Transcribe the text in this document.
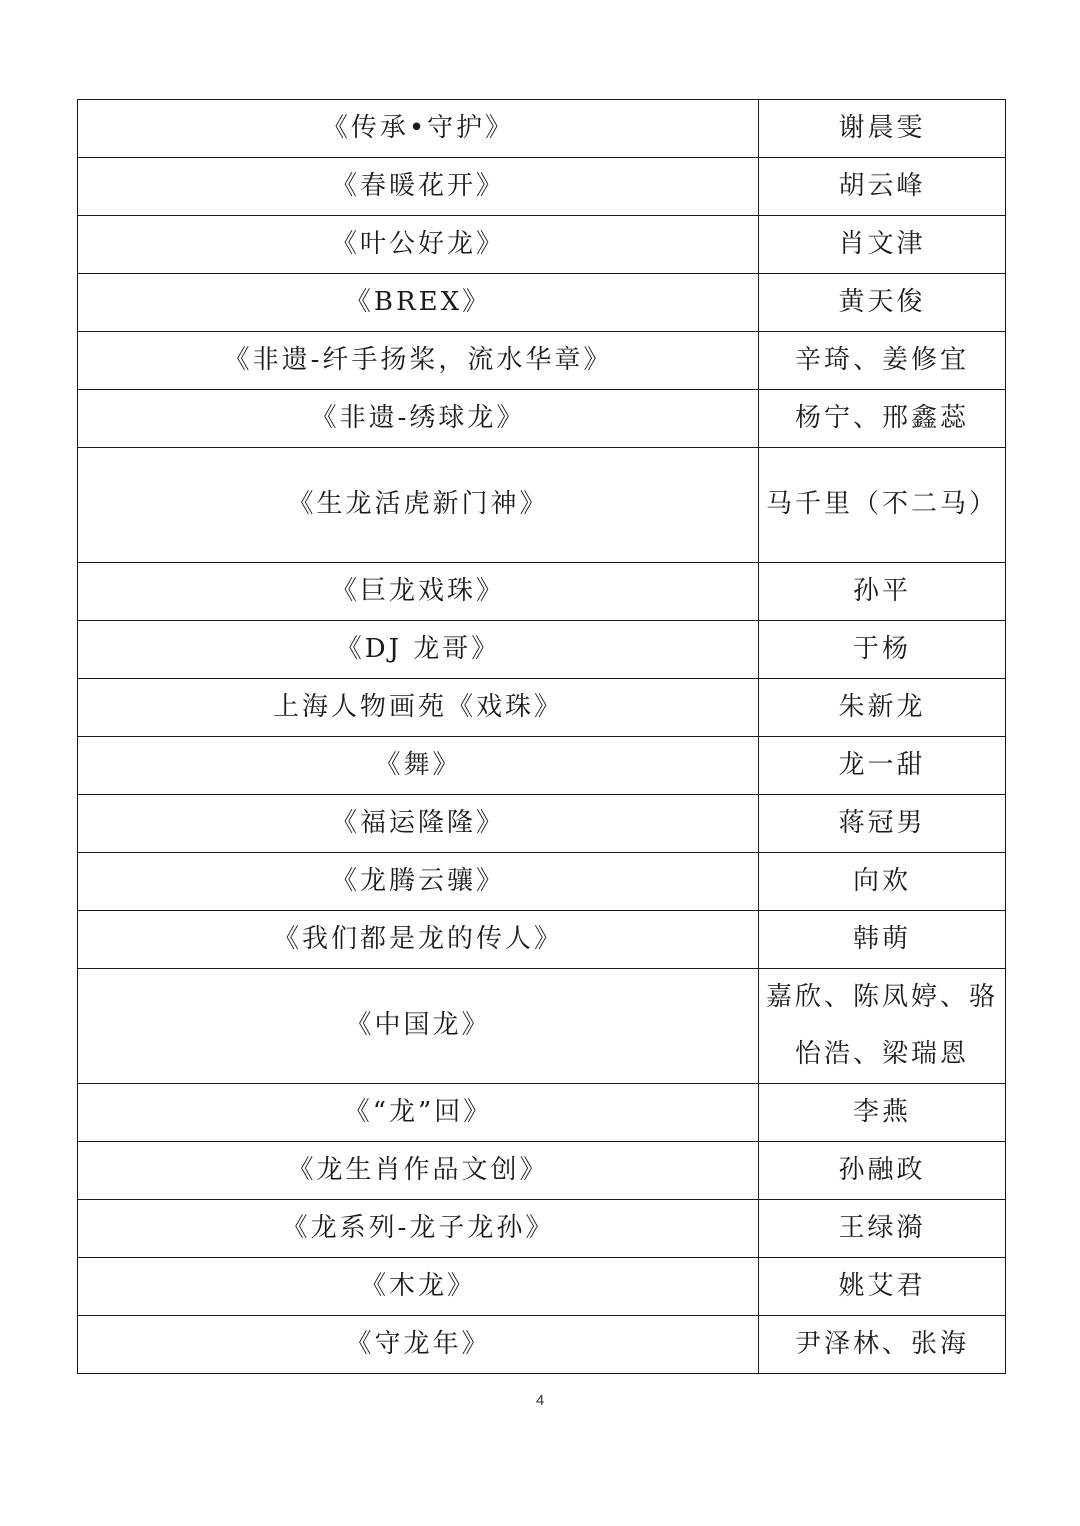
《传承•守护》	谢晨雯
《春暖花开》	胡云峰
《叶公好龙》	肖文津
《BREX》	黄天俊
《非遗-纤手扬桨，流水华章》	辛琦、姜修宜
《非遗-绣球龙》	杨宁、邢鑫蕊
《生龙活虎新门神》	马千里（不二马）
《巨龙戏珠》	孙平
《DJ 龙哥》	于杨
上海人物画苑《戏珠》	朱新龙
《舞》	龙一甜
《福运隆隆》	蒋冠男
《龙腾云骧》	向欢
《我们都是龙的传人》	韩萌
《中国龙》	嘉欣、陈凤婷、骆怡浩、梁瑞恩
《“龙”回》	李燕
《龙生肖作品文创》	孙融政
《龙系列-龙子龙孙》	王绿漪
《木龙》	姚艾君
《守龙年》	尹泽林、张海
4
